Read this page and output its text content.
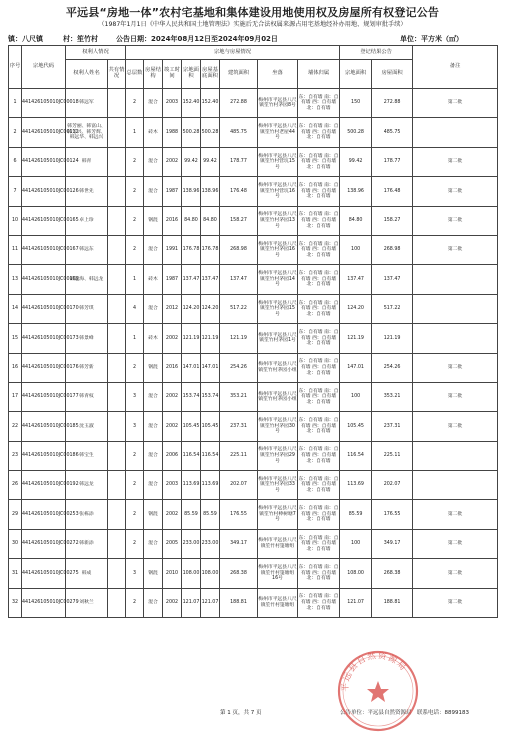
平远县“房地一体”农村宅基地和集体建设用地使用权及房屋所有权登记公告
（1987年1月1日《中华人民共和国土地管理法》实施后无合法权属来源占用宅基地经补办用地、规划审批手续）
镇：八尺镇	村：笙竹村	公告日期：2024年08月12日至2024年09月02日	单位：平方米（㎡）
序号	宗地代码	权利人情况		宗地与房屋情况								登记结果公告		备注
		权利人姓名	共有情况	总层数	房屋结构	竣工时间	宗地面积	房屋基底面积	建筑面积	坐落	墙体归属	宗地面积	房屋面积	
1	441426105010JC00018	韩远军		2	混合	2003	152.40	152.40	272.88	梅州市平远县八尺镇笙竹村茅园8号	东：自有墙 南：自有墙 西：自有墙 北：自有墙	150	272.88	第二批
2	441426105010JC00112	韩芳丽、韩富山、韩芳兴、韩芳辉、韩远华、韩远兴		1	砖木	1988	500.28	500.28	485.75	梅州市平远县八尺镇笙竹村老屋44号	东：自有墙 南：自有墙 西：自有墙 北：自有墙	500.28	485.75	
6	441426105010JC00124	韩青		2	混合	2002	99.42	99.42	178.77	梅州市平远县八尺镇笙竹村营坑15号	东：自有墙 南：自有墙 西：自有墙 北：自有墙	99.42	178.77	第二批
7	441426105010JC00126	韩世先		2	混合	1987	138.96	138.96	176.48	梅州市平远县八尺镇笙竹村营坑16号	东：自有墙 南：自有墙 西：自有墙 北：自有墙	138.96	176.48	第二批
10	441426105010JC00165	卓上珍		2	钢混	2016	84.80	84.80	158.27	梅州市平远县八尺镇笙竹村茅园13号	东：自有墙 南：自有墙 西：自有墙 北：自有墙	84.80	158.27	第二批
11	441426105010JC00167	韩远东		2	混合	1991	176.78	176.78	268.98	梅州市平远县八尺镇笙竹村茅园16号	东：自有墙 南：自有墙 西：自有墙 北：自有墙	100	268.98	第二批
13	441426105010JC00169	韩远海、韩远龙		1	砖木	1987	137.47	137.47	137.47	梅州市平远县八尺镇笙竹村茅园14号	东：自有墙 南：自有墙 西：自有墙 北：自有墙	137.47	137.47	
14	441426105010JC00170	韩芳琪		4	混合	2012	124.20	124.20	517.22	梅州市平远县八尺镇笙竹村茅园15号	东：自有墙 南：自有墙 西：自有墙 北：自有墙	124.20	517.22	
15	441426105010JC00173	韩景峰		1	砖木	2002	121.19	121.19	121.19	梅州市平远县八尺镇笙竹村茅园1号	东：自有墙 南：自有墙 西：自有墙 北：自有墙	121.19	121.19	
16	441426105010JC00176	韩芳新		2	钢混	2016	147.01	147.01	254.26	梅州市平远县八尺镇笙竹村茅园小组	东：自有墙 南：自有墙 西：自有墙 北：自有墙	147.01	254.26	第二批
17	441426105010JC00177	韩青权		3	混合	2002	153.74	153.74	353.21	梅州市平远县八尺镇笙竹村茅园小组	东：自有墙 南：自有墙 西：自有墙 北：自有墙	100	353.21	第二批
22	441426105010JC00185	沈玉淑		3	混合	2002	105.45	105.45	237.31	梅州市平远县八尺镇笙竹村茅园30号	东：自有墙 南：自有墙 西：自有墙 北：自有墙	105.45	237.31	第二批
23	441426105010JC00186	韩宝生		2	混合	2006	116.54	116.54	225.11	梅州市平远县八尺镇笙竹村茅园29号	东：自有墙 南：自有墙 西：自有墙 北：自有墙	116.54	225.11	
26	441426105010JC00192	韩远龙		2	混合	2003	113.69	113.69	202.07	梅州市平远县八尺镇笙竹村茅园33号	东：自有墙 南：自有墙 西：自有墙 北：自有墙	113.69	202.07	
29	441426105010JC00253	张栋添		2	钢混	2002	85.59	85.59	176.55	梅州市平远县八尺镇笙竹村棒树塘7号	东：自有墙 南：自有墙 西：自有墙 北：自有墙	85.59	176.55	第二批
30	441426105010JC00272	韩新添		2	混合	2005	233.00	233.00	349.17	梅州市平远县八尺镇笙竹村篷塘组	东：自有墙 南：自有墙 西：自有墙 北：自有墙	100	349.17	第二批
31	441426105010JC00275	韩成		3	钢混	2010	108.00	108.00	268.38	梅州市平远县八尺镇笙竹村篷塘组16号	东：自有墙 南：自有墙 西：自有墙 北：自有墙	108.00	268.38	第二批
32	441426105010JC00279	刘秋兰		2	混合	2002	121.07	121.07	188.81	梅州市平远县八尺镇笙竹村篷塘组	东：自有墙 南：自有墙 西：自有墙 北：自有墙	121.07	188.81	第二批
第 1 页，共 7 页	公告单位：平远县自然资源局　联系电话：8899183
平远县自然资源局
